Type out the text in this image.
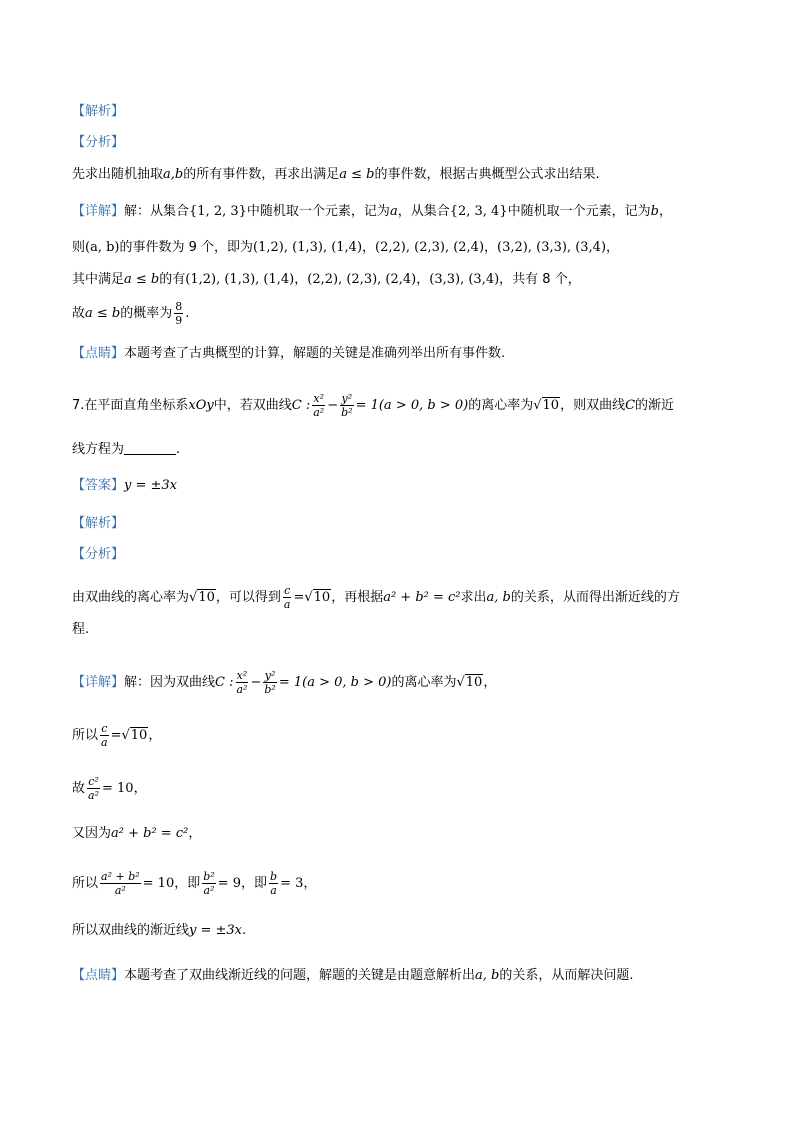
【解析】
【分析】
先求出随机抽取a,b的所有事件数，再求出满足a ≤ b的事件数，根据古典概型公式求出结果.
【详解】解：从集合{1, 2, 3}中随机取一个元素，记为a，从集合{2, 3, 4}中随机取一个元素，记为b，
则(a, b)的事件数为 9 个，即为(1,2), (1,3), (1,4)，(2,2), (2,3), (2,4)，(3,2), (3,3), (3,4)，
其中满足a ≤ b的有(1,2), (1,3), (1,4)，(2,2), (2,3), (2,4)，(3,3), (3,4)，共有 8 个，
故a ≤ b的概率为 $\frac{8}{9}$ .
【点睛】本题考查了古典概型的计算，解题的关键是准确列举出所有事件数.
7.在平面直角坐标系xOy中，若双曲线C : $\frac{\text{x²}}{\text{a²}} - \frac{\text{y²}}{\text{b²}} = 1(a > 0$, b > 0)的离心率为√10，则双曲线C的渐近
线方程为	.
【答案】y = ±3x
【解析】
【分析】
由双曲线的离心率为√10，可以得到 $\frac{c}{a} =√10$，再根据a² + b² = c²求出a, b的关系，从而得出渐近线的方
程.
【详解】解：因为双曲线C : $\frac{\text{x²}}{\text{a²}} - \frac{\text{y²}}{\text{b²}} = 1(a > 0$, b > 0)的离心率为√10，
所以 $\frac{c}{a} =√10$，
故 $\frac{\text{c²}}{\text{a²}} = 10$，
又因为a² + b² = c²，
所以 $\frac{\text{a² + b²}}{\text{a²}} = 10$，即 $\frac{\text{b²}}{\text{a²}} = 9$，即 $\frac{b}{a} = 3$，
所以双曲线的渐近线y = ±3x.
【点睛】本题考查了双曲线渐近线的问题，解题的关键是由题意解析出a, b的关系，从而解决问题.
